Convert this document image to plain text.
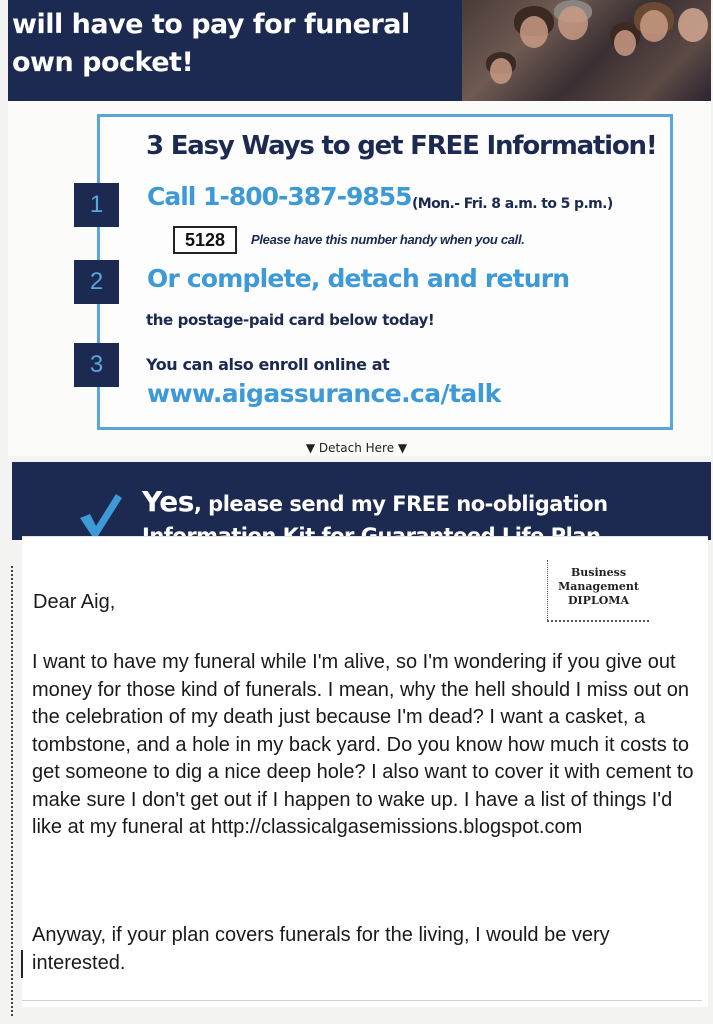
will have to pay for funeral
own pocket!
3 Easy Ways to get FREE Information!
1	Call 1-800-387-9855 (Mon.- Fri. 8 a.m. to 5 p.m.)
5128	Please have this number handy when you call.
2	Or complete, detach and return
the postage-paid card below today!
3	You can also enroll online at
www.aigassurance.ca/talk
▼ Detach Here ▼
Yes, please send my FREE no-obligation
Business
Management
DIPLOMA
Dear Aig,
I want to have my funeral while I'm alive, so I'm wondering if you give out money for those kind of funerals. I mean, why the hell should I miss out on the celebration of my death just because I'm dead? I want a casket, a tombstone, and a hole in my back yard. Do you know how much it costs to get someone to dig a nice deep hole? I also want to cover it with cement to make sure I don't get out if I happen to wake up. I have a list of things I'd like at my funeral at http://classicalgasemissions.blogspot.com
Anyway, if your plan covers funerals for the living, I would be very interested.
